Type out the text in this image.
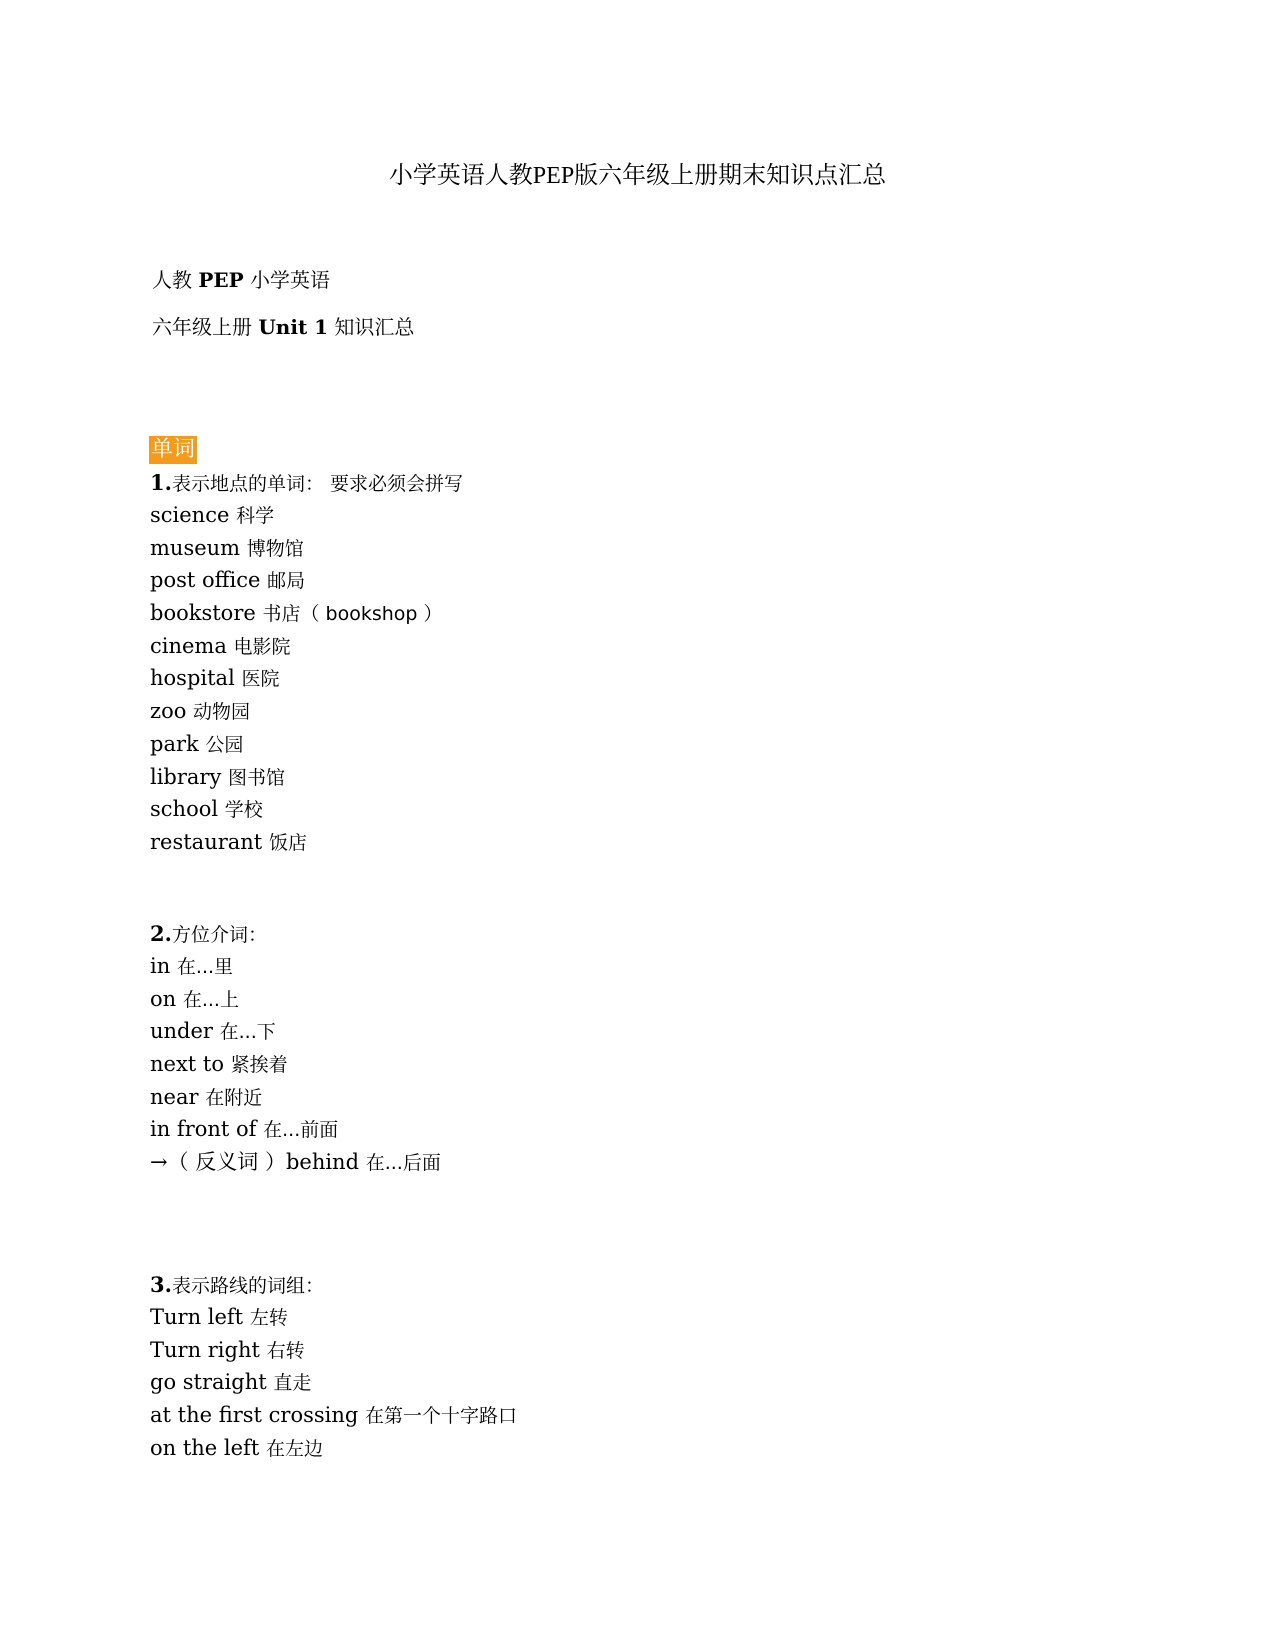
小学英语人教PEP版六年级上册期末知识点汇总
人教 PEP 小学英语
六年级上册 Unit 1 知识汇总
单词
1.表示地点的单词： 要求必须会拼写
science 科学
museum 博物馆
post office 邮局
bookstore 书店（ bookshop ）
cinema 电影院
hospital 医院
zoo 动物园
park 公园
library 图书馆
school 学校
restaurant 饭店
2.方位介词：
in 在...里
on 在...上
under 在...下
next to 紧挨着
near 在附近
in front of 在...前面
→（ 反义词 ）behind 在...后面
3.表示路线的词组：
Turn left 左转
Turn right 右转
go straight 直走
at the first crossing 在第一个十字路口
on the left 在左边
